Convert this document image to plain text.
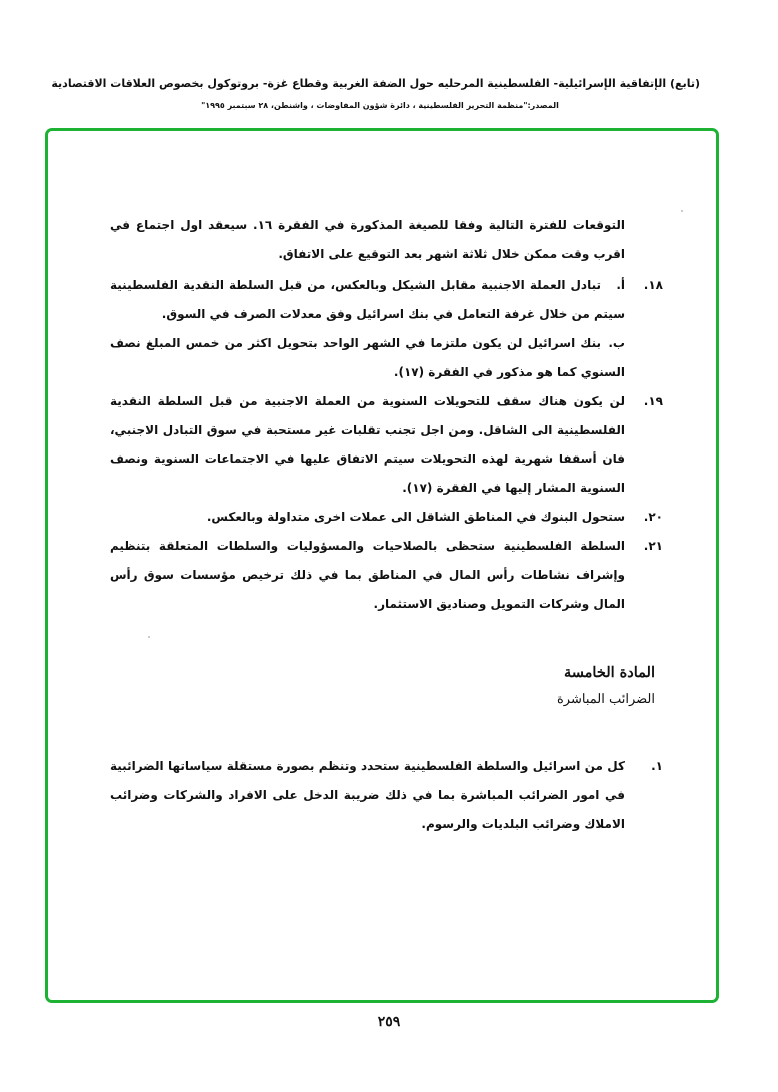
(تابع) الإتفاقية الإسرائيلية- الفلسطينية المرحليه حول الضفة الغربية وقطاع غزة- بروتوكول بخصوص العلاقات الاقتصادية
المصدر:"منظمة التحرير الفلسطينية ، دائرة شؤون المفاوضات ، واشنطن، ٢٨ سبتمبر ١٩٩٥"
التوقعات للفترة التالية وفقا للصيغة المذكورة في الفقرة ١٦. سيعقد اول اجتماع في اقرب وقت ممكن خلال ثلاثة اشهر بعد التوقيع على الاتفاق.
١٨.
أ.تبادل العملة الاجنبية مقابل الشيكل وبالعكس، من قبل السلطة النقدية الفلسطينية سيتم من خلال غرفة التعامل في بنك اسرائيل وفق معدلات الصرف في السوق.
ب.بنك اسرائيل لن يكون ملتزما في الشهر الواحد بتحويل اكثر من خمس المبلغ نصف السنوي كما هو مذكور في الفقرة (١٧).
١٩.
لن يكون هناك سقف للتحويلات السنوية من العملة الاجنبية من قبل السلطة النقدية الفلسطينية الى الشاقل. ومن اجل تجنب تقلبات غير مستحبة في سوق التبادل الاجنبي، فان أسقفا شهرية لهذه التحويلات سيتم الاتفاق عليها في الاجتماعات السنوية ونصف السنوية المشار إليها في الفقرة (١٧).
٢٠.
ستحول البنوك في المناطق الشاقل الى عملات اخرى متداولة وبالعكس.
٢١.
السلطة الفلسطينية ستحظى بالصلاحيات والمسؤوليات والسلطات المتعلقة بتنظيم وإشراف نشاطات رأس المال في المناطق بما في ذلك ترخيص مؤسسات سوق رأس المال وشركات التمويل وصناديق الاستثمار.
المادة الخامسة
الضرائب المباشرة
١.
كل من اسرائيل والسلطة الفلسطينية ستحدد وتنظم بصورة مستقلة سياساتها الضرائبية في امور الضرائب المباشرة بما في ذلك ضريبة الدخل على الافراد والشركات وضرائب الاملاك وضرائب البلديات والرسوم.
٢٥٩
